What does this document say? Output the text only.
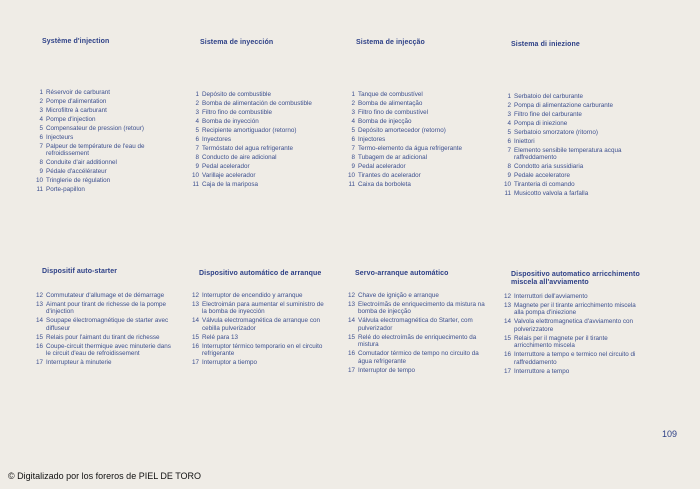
Système d'injection	Sistema de inyección	Sistema de injecção	Sistema di iniezione
1 Réservoir de carburant
2 Pompe d'alimentation
3 Microfiltre à carburant
4 Pompe d'injection
5 Compensateur de pression (retour)
6 Injecteurs
7 Palpeur de température de l'eau de refroidissement
8 Conduite d'air additionnel
9 Pédale d'accélérateur
10 Tringlerie de régulation
11 Porte-papillon
1 Depósito de combustible
2 Bomba de alimentación de combustible
3 Filtro fino de combustible
4 Bomba de inyección
5 Recipiente amortiguador (retorno)
6 Inyectores
7 Termóstato del agua refrigerante
8 Conducto de aire adicional
9 Pedal acelerador
10 Varillaje acelerador
11 Caja de la mariposa
1 Tanque de combustível
2 Bomba de alimentação
3 Filtro fino de combustível
4 Bomba de injecção
5 Depósito amortecedor (retorno)
6 Injectores
7 Termo-elemento da água refrigerante
8 Tubagem de ar adicional
9 Pedal acelerador
10 Tirantes do acelerador
11 Caixa da borboleta
1 Serbatoio del carburante
2 Pompa di alimentazione carburante
3 Filtro fine del carburante
4 Pompa di iniezione
5 Serbatoio smorzatore (ritorno)
6 Iniettori
7 Elemento sensibile temperatura acqua raffreddamento
8 Condotto aria sussidiaria
9 Pedale acceleratore
10 Tiranteria di comando
11 Musicotto valvola a farfalla
Dispositif auto-starter	Dispositivo automático de arranque	Servo-arranque automático	Dispositivo automatico arricchimento miscela all'avviamento
12 Commutateur d'allumage et de démarrage
13 Aimant pour tirant de richesse de la pompe d'injection
14 Soupape électromagnétique de starter avec diffuseur
15 Relais pour l'aimant du tirant de richesse
16 Coupe-circuit thermique avec minuterie dans le circuit d'eau de refroidissement
17 Interrupteur à minuterie
12 Interruptor de encendido y arranque
13 Electroimán para aumentar el suministro de la bomba de inyección
14 Válvula electromagnética de arranque con cebilla pulverizador
15 Relé para 13
16 Interruptor térmico temporario en el circuito refrigerante
17 Interruptor a tiempo
12 Chave de ignição e arranque
13 Electroímãs de enriquecimento da mistura na bomba de injecção
14 Válvula electromagnética do Starter, com pulverizador
15 Relé do electroímãs de enriquecimento da mistura
16 Comutador térmico de tempo no circuito da água refrigerante
17 Interruptor de tempo
12 Interruttori dell'avviamento
13 Magnete per il tirante arricchimento miscela alla pompa d'iniezione
14 Valvola elettromagnetica d'avviamento con polverizzatore
15 Relais per il magnete per il tirante arricchimento miscela
16 Interruttore a tempo e termico nel circuito di raffreddamento
17 Interruttore a tempo
109
© Digitalizado por los foreros de PIEL DE TORO
